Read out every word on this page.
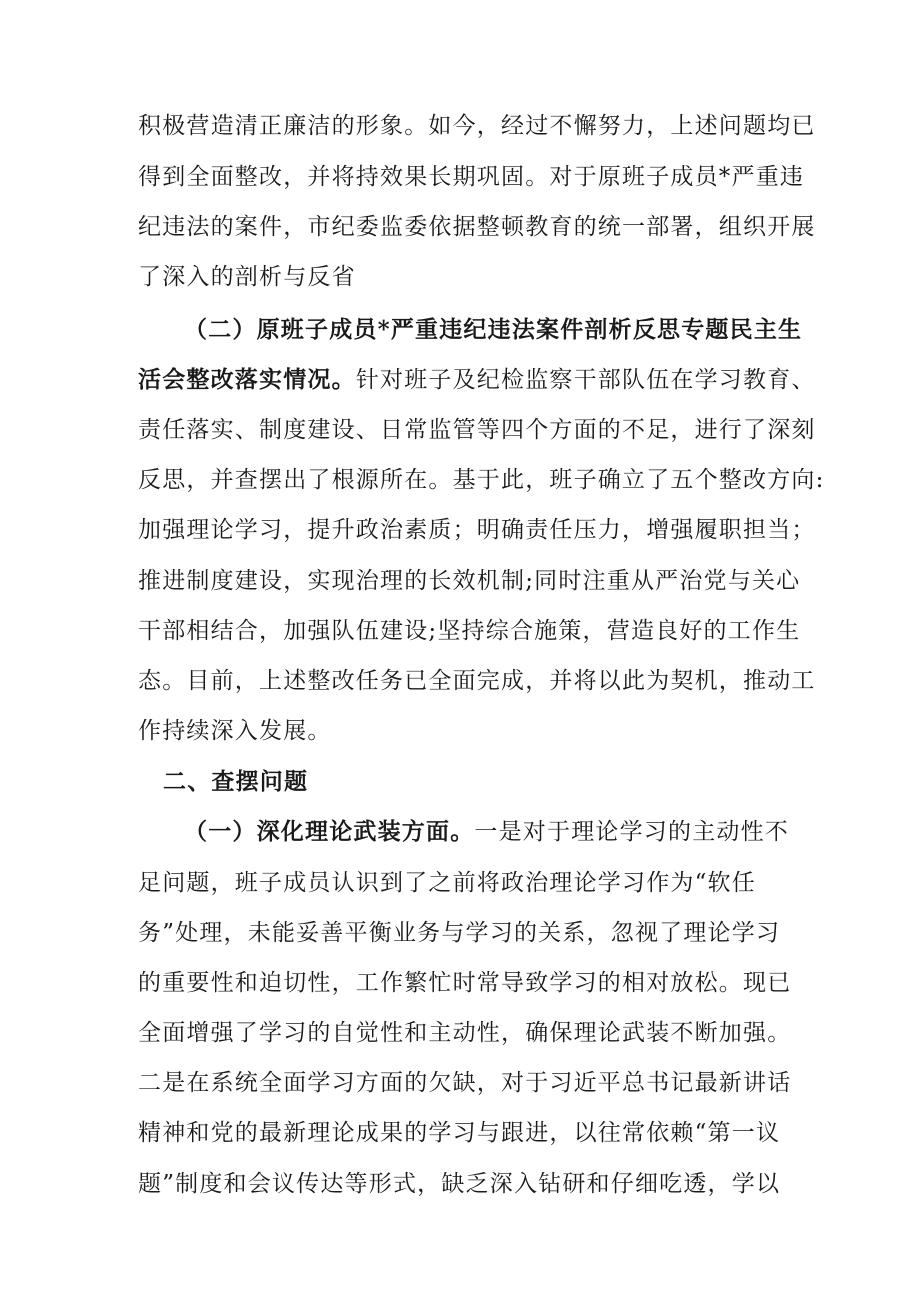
积极营造清正廉洁的形象。如今，经过不懈努力，上述问题均已
得到全面整改，并将持效果长期巩固。对于原班子成员*严重违
纪违法的案件，市纪委监委依据整顿教育的统一部署，组织开展
了深入的剖析与反省
（二）原班子成员*严重违纪违法案件剖析反思专题民主生
活会整改落实情况。针对班子及纪检监察干部队伍在学习教育、
责任落实、制度建设、日常监管等四个方面的不足，进行了深刻
反思，并查摆出了根源所在。基于此，班子确立了五个整改方向:
加强理论学习，提升政治素质；明确责任压力，增强履职担当；
推进制度建设，实现治理的长效机制;同时注重从严治党与关心
干部相结合，加强队伍建设;坚持综合施策，营造良好的工作生
态。目前，上述整改任务已全面完成，并将以此为契机，推动工
作持续深入发展。
二、查摆问题
（一）深化理论武装方面。一是对于理论学习的主动性不
足问题，班子成员认识到了之前将政治理论学习作为“软任
务”处理，未能妥善平衡业务与学习的关系，忽视了理论学习
的重要性和迫切性，工作繁忙时常导致学习的相对放松。现已
全面增强了学习的自觉性和主动性，确保理论武装不断加强。
二是在系统全面学习方面的欠缺，对于习近平总书记最新讲话
精神和党的最新理论成果的学习与跟进，以往常依赖“第一议
题”制度和会议传达等形式，缺乏深入钻研和仔细吃透，学以
